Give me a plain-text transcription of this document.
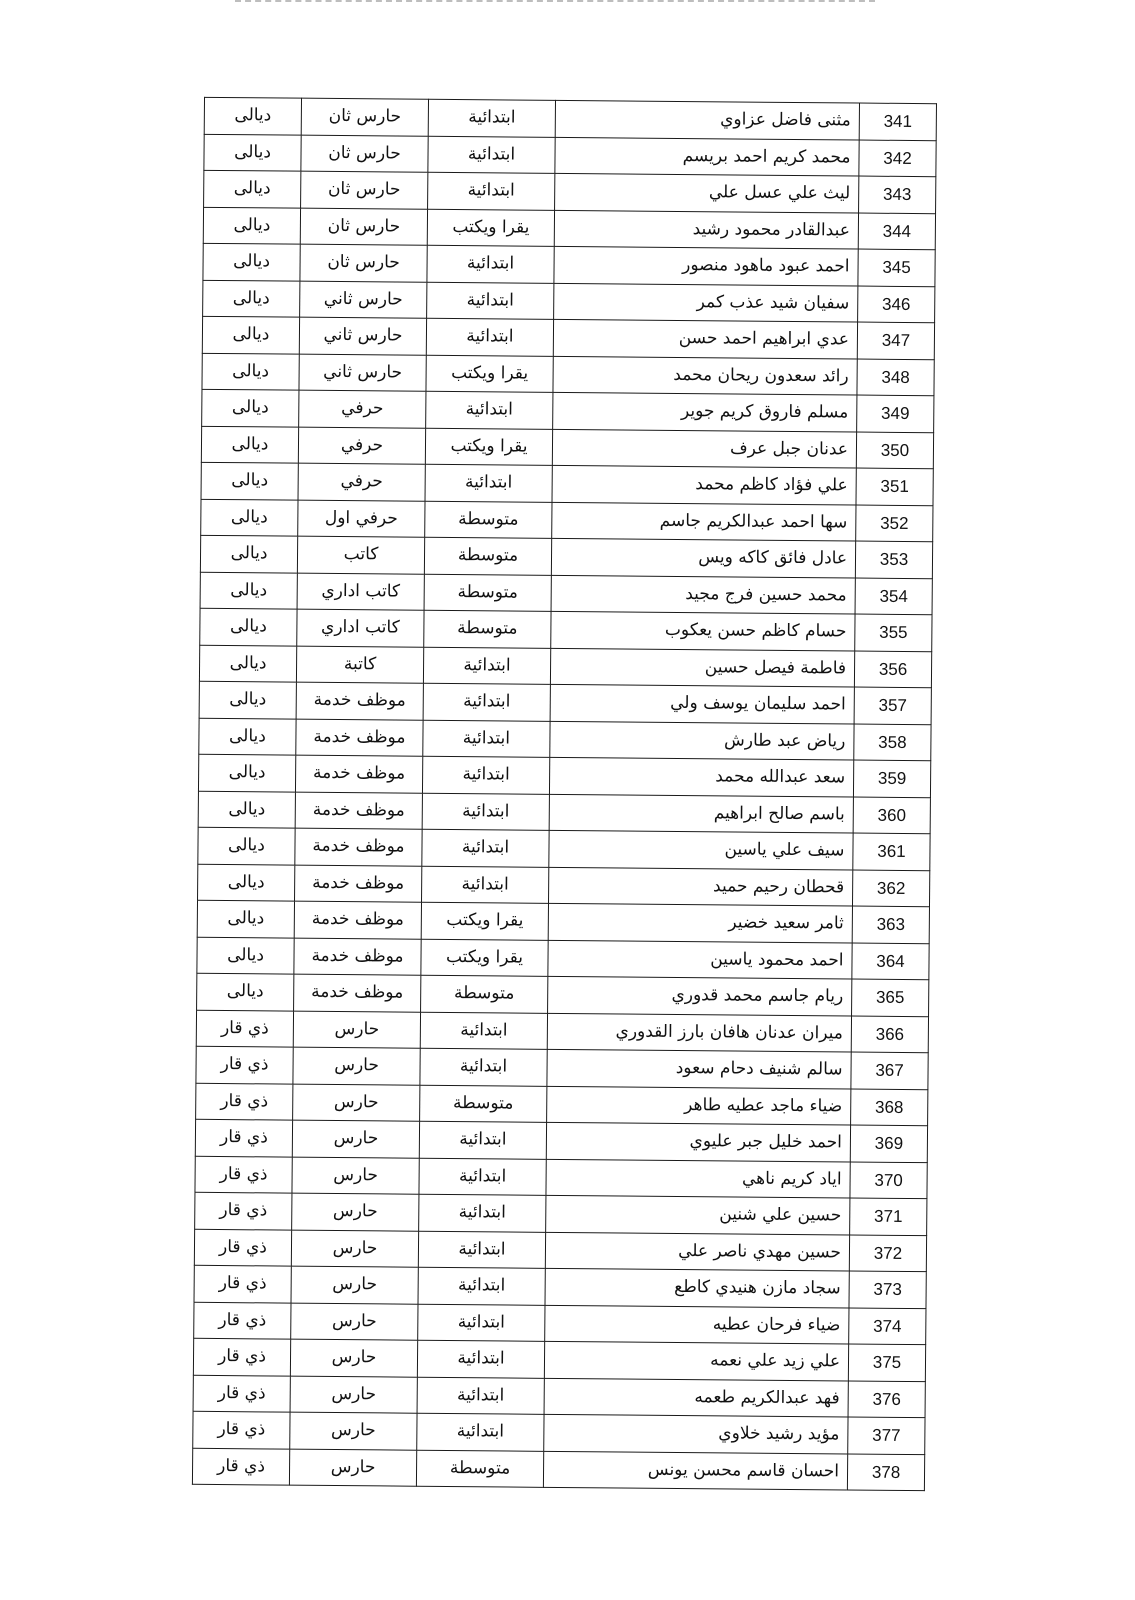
341	مثنى فاضل عزاوي	ابتدائية	حارس ثان	ديالى
342	محمد كريم احمد بريسم	ابتدائية	حارس ثان	ديالى
343	ليث علي عسل علي	ابتدائية	حارس ثان	ديالى
344	عبدالقادر محمود رشيد	يقرا ويكتب	حارس ثان	ديالى
345	احمد عبود ماهود منصور	ابتدائية	حارس ثان	ديالى
346	سفيان شيد عذب كمر	ابتدائية	حارس ثاني	ديالى
347	عدي ابراهيم احمد حسن	ابتدائية	حارس ثاني	ديالى
348	رائد سعدون ريحان محمد	يقرا ويكتب	حارس ثاني	ديالى
349	مسلم فاروق كريم جوير	ابتدائية	حرفي	ديالى
350	عدنان جبل عرف	يقرا ويكتب	حرفي	ديالى
351	علي فؤاد كاظم محمد	ابتدائية	حرفي	ديالى
352	سها احمد عبدالكريم جاسم	متوسطة	حرفي اول	ديالى
353	عادل فائق كاكه ويس	متوسطة	كاتب	ديالى
354	محمد حسين فرج مجيد	متوسطة	كاتب اداري	ديالى
355	حسام كاظم حسن يعكوب	متوسطة	كاتب اداري	ديالى
356	فاطمة فيصل حسين	ابتدائية	كاتبة	ديالى
357	احمد سليمان يوسف ولي	ابتدائية	موظف خدمة	ديالى
358	رياض عبد طارش	ابتدائية	موظف خدمة	ديالى
359	سعد عبدالله محمد	ابتدائية	موظف خدمة	ديالى
360	باسم صالح ابراهيم	ابتدائية	موظف خدمة	ديالى
361	سيف علي ياسين	ابتدائية	موظف خدمة	ديالى
362	قحطان رحيم حميد	ابتدائية	موظف خدمة	ديالى
363	ثامر سعيد خضير	يقرا ويكتب	موظف خدمة	ديالى
364	احمد محمود ياسين	يقرا ويكتب	موظف خدمة	ديالى
365	ريام جاسم محمد قدوري	متوسطة	موظف خدمة	ديالى
366	ميران عدنان هافان بارز القدوري	ابتدائية	حارس	ذي قار
367	سالم شنيف دحام سعود	ابتدائية	حارس	ذي قار
368	ضياء ماجد عطيه طاهر	متوسطة	حارس	ذي قار
369	احمد خليل جبر عليوي	ابتدائية	حارس	ذي قار
370	اياد كريم ناهي	ابتدائية	حارس	ذي قار
371	حسين علي شنين	ابتدائية	حارس	ذي قار
372	حسين مهدي ناصر علي	ابتدائية	حارس	ذي قار
373	سجاد مازن هنيدي كاطع	ابتدائية	حارس	ذي قار
374	ضياء فرحان عطيه	ابتدائية	حارس	ذي قار
375	علي زيد علي نعمه	ابتدائية	حارس	ذي قار
376	فهد عبدالكريم طعمه	ابتدائية	حارس	ذي قار
377	مؤيد رشيد خلاوي	ابتدائية	حارس	ذي قار
378	احسان قاسم محسن يونس	متوسطة	حارس	ذي قار
